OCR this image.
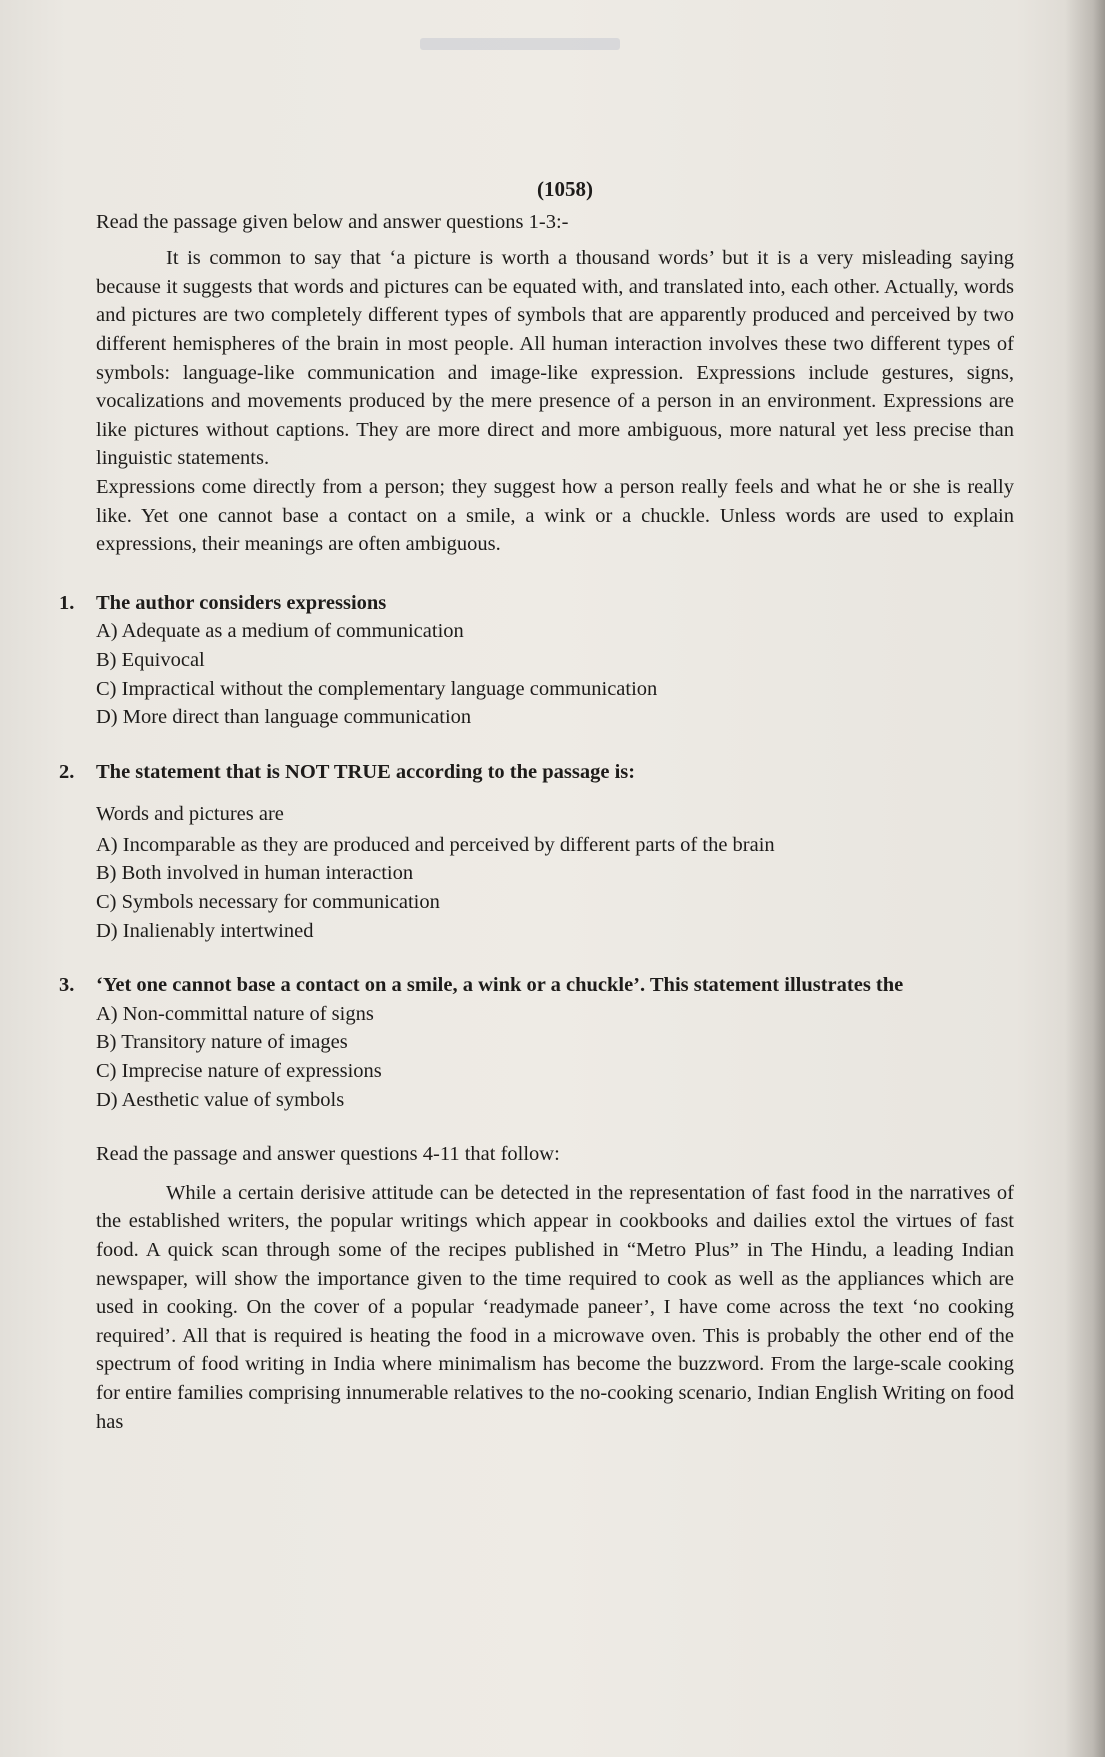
(1058)

Read the passage given below and answer questions 1-3:-

It is common to say that ‘a picture is worth a thousand words’ but it is a very misleading saying because it suggests that words and pictures can be equated with, and translated into, each other. Actually, words and pictures are two completely different types of symbols that are apparently produced and perceived by two different hemispheres of the brain in most people. All human interaction involves these two different types of symbols: language-like communication and image-like expression. Expressions include gestures, signs, vocalizations and movements produced by the mere presence of a person in an environment. Expressions are like pictures without captions. They are more direct and more ambiguous, more natural yet less precise than linguistic statements.

Expressions come directly from a person; they suggest how a person really feels and what he or she is really like. Yet one cannot base a contact on a smile, a wink or a chuckle. Unless words are used to explain expressions, their meanings are often ambiguous.

1. The author considers expressions
A) Adequate as a medium of communication
B) Equivocal
C) Impractical without the complementary language communication
D) More direct than language communication
2. The statement that is NOT TRUE according to the passage is:
Words and pictures are
A) Incomparable as they are produced and perceived by different parts of the brain
B) Both involved in human interaction
C) Symbols necessary for communication
D) Inalienably intertwined
3. ‘Yet one cannot base a contact on a smile, a wink or a chuckle’. This statement illustrates the
A) Non-committal nature of signs
B) Transitory nature of images
C) Imprecise nature of expressions
D) Aesthetic value of symbols

Read the passage and answer questions 4-11 that follow:

While a certain derisive attitude can be detected in the representation of fast food in the narratives of the established writers, the popular writings which appear in cookbooks and dailies extol the virtues of fast food. A quick scan through some of the recipes published in “Metro Plus” in The Hindu, a leading Indian newspaper, will show the importance given to the time required to cook as well as the appliances which are used in cooking. On the cover of a popular ‘readymade paneer’, I have come across the text ‘no cooking required’. All that is required is heating the food in a microwave oven. This is probably the other end of the spectrum of food writing in India where minimalism has become the buzzword. From the large-scale cooking for entire families comprising innumerable relatives to the no-cooking scenario, Indian English Writing on food has
